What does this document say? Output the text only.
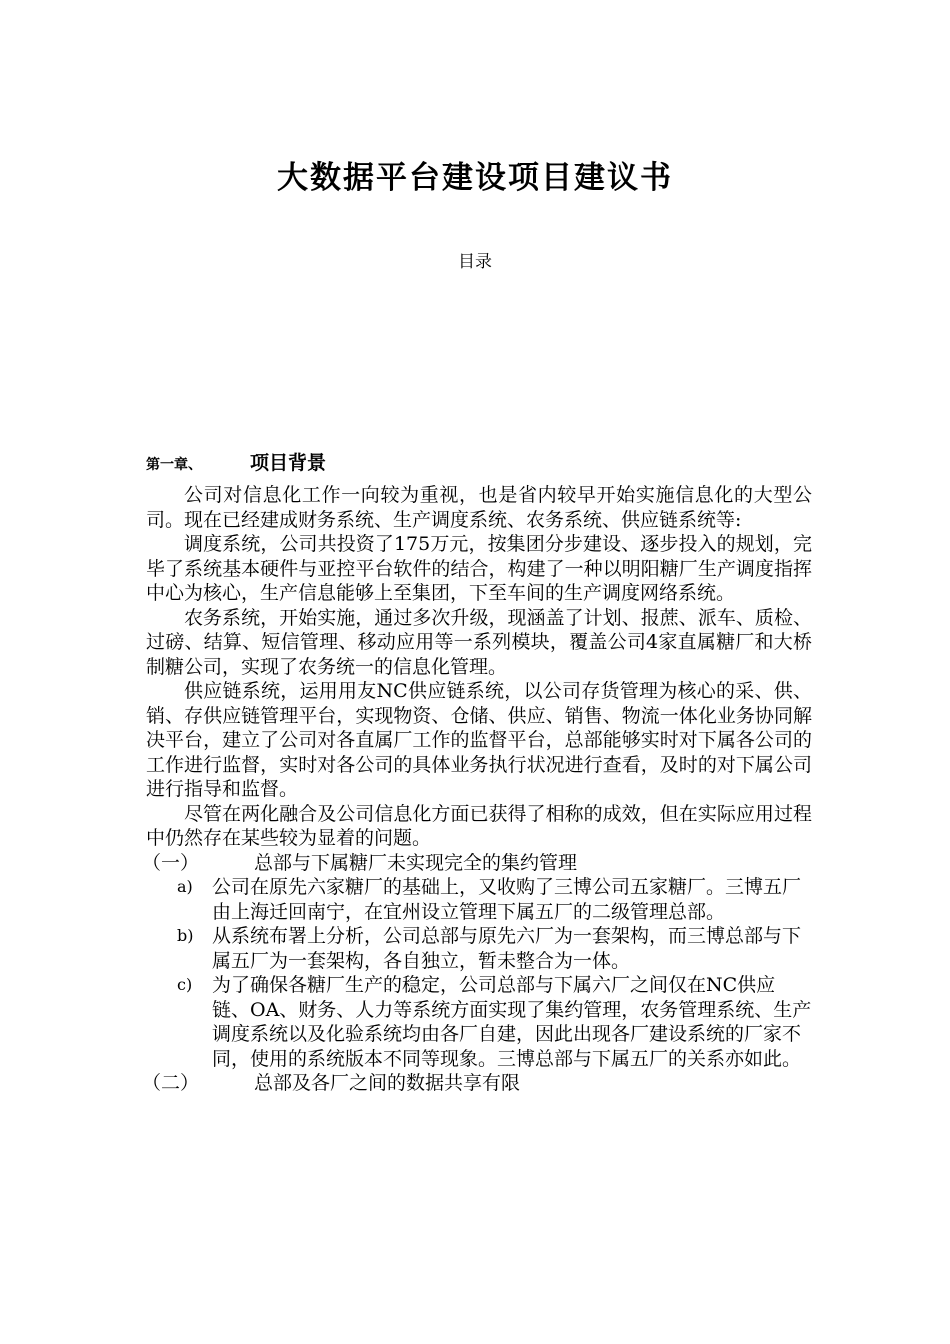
大数据平台建设项目建议书
目录
第一章、	项目背景

公司对信息化工作一向较为重视，也是省内较早开始实施信息化的大型公司。现在已经建成财务系统、生产调度系统、农务系统、供应链系统等:

调度系统，公司共投资了175万元，按集团分步建设、逐步投入的规划，完毕了系统基本硬件与亚控平台软件的结合，构建了一种以明阳糖厂生产调度指挥中心为核心，生产信息能够上至集团，下至车间的生产调度网络系统。

农务系统，开始实施，通过多次升级，现涵盖了计划、报蔗、派车、质检、过磅、结算、短信管理、移动应用等一系列模块，覆盖公司4家直属糖厂和大桥制糖公司，实现了农务统一的信息化管理。

供应链系统，运用用友NC供应链系统，以公司存货管理为核心的采、供、销、存供应链管理平台，实现物资、仓储、供应、销售、物流一体化业务协同解决平台，建立了公司对各直属厂工作的监督平台，总部能够实时对下属各公司的工作进行监督，实时对各公司的具体业务执行状况进行查看，及时的对下属公司进行指导和监督。

尽管在两化融合及公司信息化方面已获得了相称的成效，但在实际应用过程中仍然存在某些较为显着的问题。

（一）	总部与下属糖厂未实现完全的集约管理

a) 公司在原先六家糖厂的基础上，又收购了三博公司五家糖厂。三博五厂由上海迁回南宁，在宜州设立管理下属五厂的二级管理总部。

b) 从系统布署上分析，公司总部与原先六厂为一套架构，而三博总部与下属五厂为一套架构，各自独立，暂未整合为一体。

c) 为了确保各糖厂生产的稳定，公司总部与下属六厂之间仅在NC供应链、OA、财务、人力等系统方面实现了集约管理，农务管理系统、生产调度系统以及化验系统均由各厂自建，因此出现各厂建设系统的厂家不同，使用的系统版本不同等现象。三博总部与下属五厂的关系亦如此。

（二）	总部及各厂之间的数据共享有限
